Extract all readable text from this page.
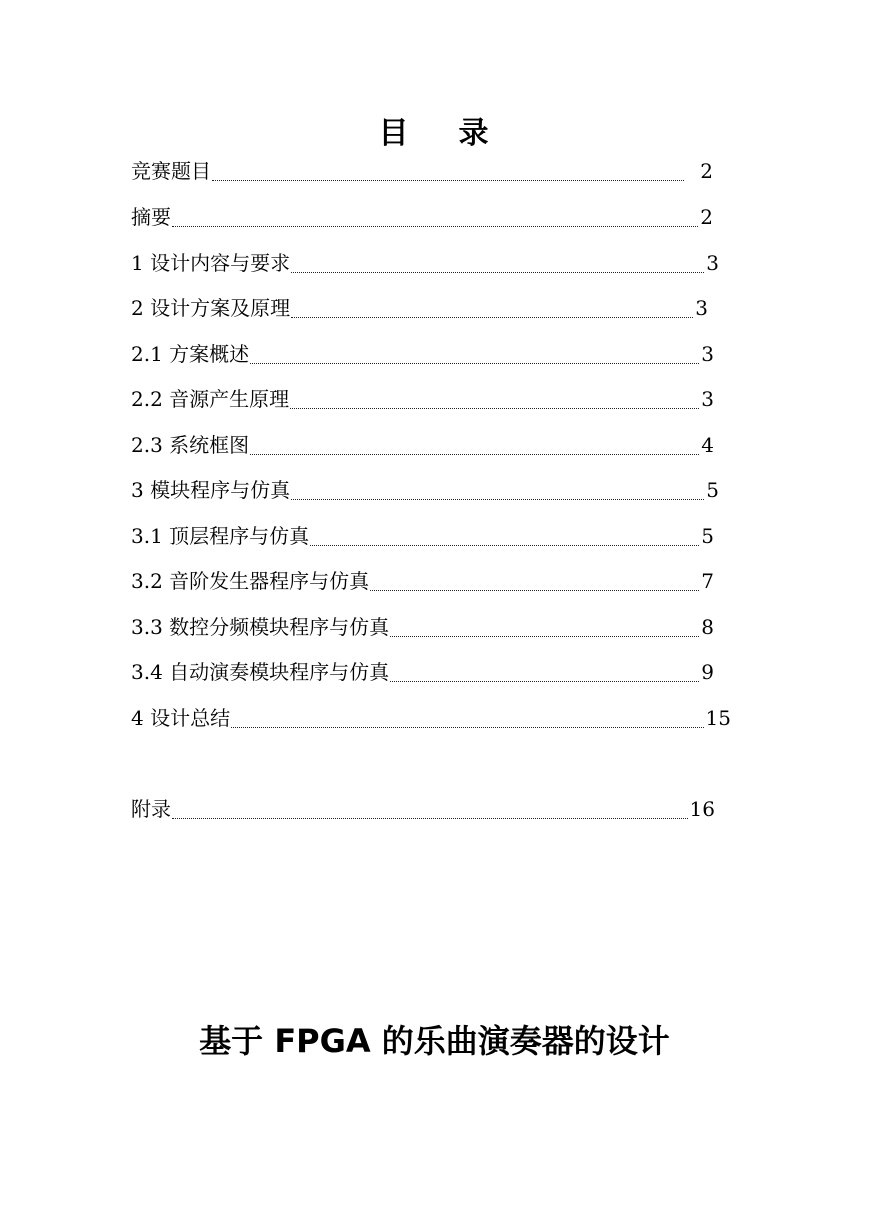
目 录
竞赛题目	2
摘要	2
1 设计内容与要求	3
2 设计方案及原理	3
2.1 方案概述	3
2.2 音源产生原理	3
2.3 系统框图	4
3 模块程序与仿真	5
3.1 顶层程序与仿真	5
3.2 音阶发生器程序与仿真	7
3.3 数控分频模块程序与仿真	8
3.4 自动演奏模块程序与仿真	9
4 设计总结	15
附录	16
基于 FPGA 的乐曲演奏器的设计
